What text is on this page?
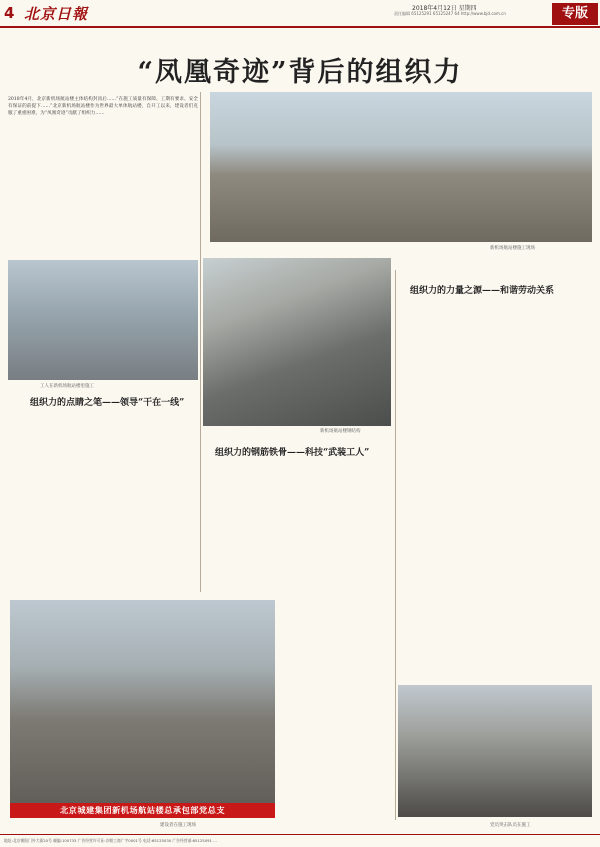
4 北京日報	2018年4月12日 星期四
责任编辑 65125291 65125247 64 http://www.bjd.com.cn	专版
“凤凰奇迹”背后的组织力
2018年4月，北京新机场航站楼主体结构封顶后……“在施工质量有保障、工期有要求、安全有保证的前提下……”北京新机场航站楼作为世界最大单体航站楼，自开工以来，建设者们克服了重重困难，为“凤凰奇迹”贡献了组织力……
新机场航站楼施工现场
工人在新机场航站楼里施工
新机场航站楼钢结构
组织力的点睛之笔——领导“干在一线”
组织力的钢筋铁骨——科技“武装工人”
组织力的力量之源——和谐劳动关系
北京城建集团新机场航站楼总承包部党总支
建设者在施工现场	党员突击队员在施工
地址:北京朝阳门外大街20号 邮编:100733 广告经营许可证:京朝工商广字0001号 电话:65125030 广告经营部:65125091 …
